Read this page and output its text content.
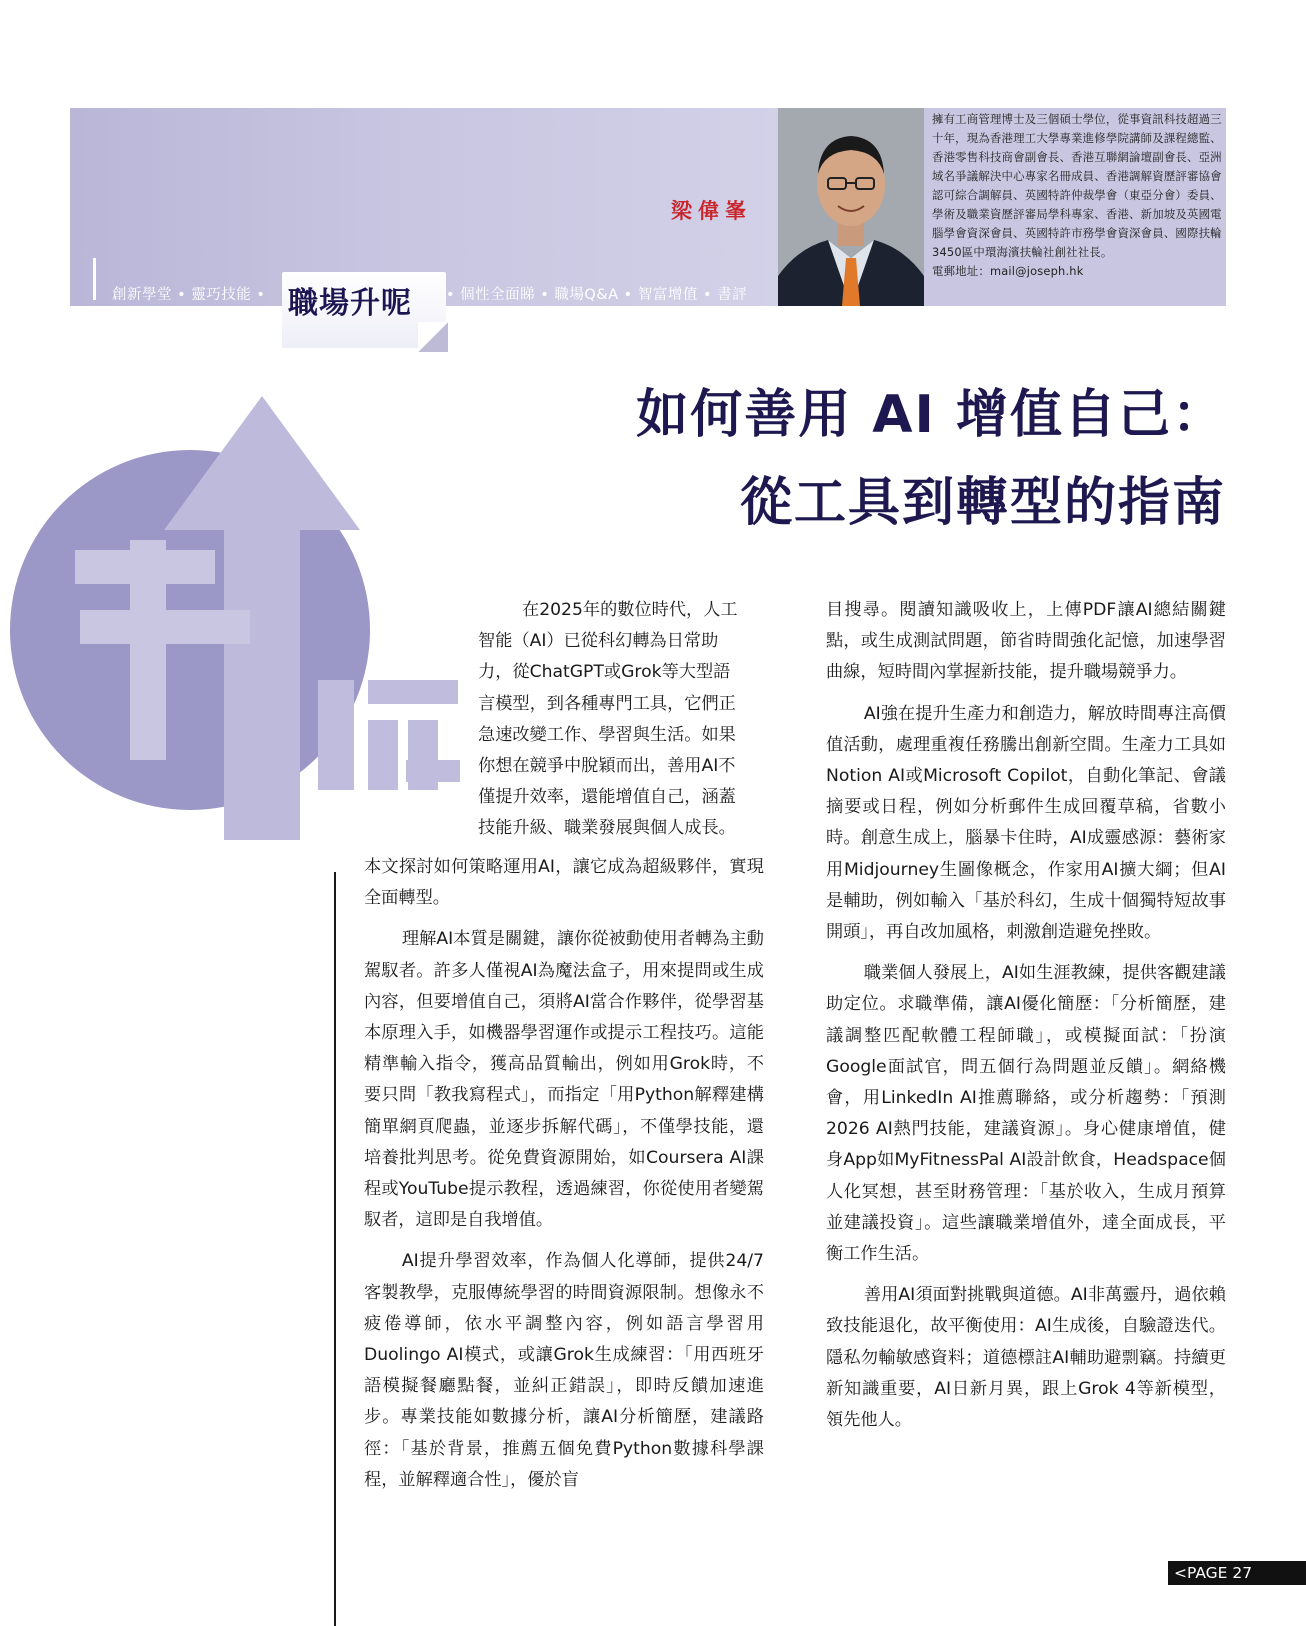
梁偉峯
創新學堂 • 靈巧技能 • 職場升呢 • 個性全面睇 • 職場Q&A • 智富增值 • 書評
擁有工商管理博士及三個碩士學位，從事資訊科技超過三十年，現為香港理工大學專業進修學院講師及課程總監、香港零售科技商會副會長、香港互聯網論壇副會長、亞洲域名爭議解決中心專家名冊成員、香港調解資歷評審協會認可綜合調解員、英國特許仲裁學會（東亞分會）委員、學術及職業資歷評審局學科專家、香港、新加坡及英國電腦學會資深會員、英國特許市務學會資深會員、國際扶輪3450區中環海濱扶輪社創社社長。
電郵地址：mail@joseph.hk
如何善用 AI 增值自己：
從工具到轉型的指南
在2025年的數位時代，人工
智能（AI）已從科幻轉為日常助
力，從ChatGPT或Grok等大型語
言模型，到各種專門工具，它們正
急速改變工作、學習與生活。如果
你想在競爭中脫穎而出，善用AI不
僅提升效率，還能增值自己，涵蓋
技能升級、職業發展與個人成長。

本文探討如何策略運用AI，讓它成為超級夥伴，實現全面轉型。

理解AI本質是關鍵，讓你從被動使用者轉為主動駕馭者。許多人僅視AI為魔法盒子，用來提問或生成內容，但要增值自己，須將AI當合作夥伴，從學習基本原理入手，如機器學習運作或提示工程技巧。這能精準輸入指令，獲高品質輸出，例如用Grok時，不要只問「教我寫程式」，而指定「用Python解釋建構簡單網頁爬蟲，並逐步拆解代碼」，不僅學技能，還培養批判思考。從免費資源開始，如Coursera AI課程或YouTube提示教程，透過練習，你從使用者變駕馭者，這即是自我增值。

AI提升學習效率，作為個人化導師，提供24/7客製教學，克服傳統學習的時間資源限制。想像永不疲倦導師，依水平調整內容，例如語言學習用Duolingo AI模式，或讓Grok生成練習：「用西班牙語模擬餐廳點餐，並糾正錯誤」，即時反饋加速進步。專業技能如數據分析，讓AI分析簡歷，建議路徑：「基於背景，推薦五個免費Python數據科學課程，並解釋適合性」，優於盲

目搜尋。閱讀知識吸收上，上傳PDF讓AI總結關鍵點，或生成測試問題，節省時間強化記憶，加速學習曲線，短時間內掌握新技能，提升職場競爭力。

AI強在提升生產力和創造力，解放時間專注高價值活動，處理重複任務騰出創新空間。生產力工具如Notion AI或Microsoft Copilot，自動化筆記、會議摘要或日程，例如分析郵件生成回覆草稿，省數小時。創意生成上，腦暴卡住時，AI成靈感源：藝術家用Midjourney生圖像概念，作家用AI擴大綱；但AI是輔助，例如輸入「基於科幻，生成十個獨特短故事開頭」，再自改加風格，刺激創造避免挫敗。

職業個人發展上，AI如生涯教練，提供客觀建議助定位。求職準備，讓AI優化簡歷：「分析簡歷，建議調整匹配軟體工程師職」，或模擬面試：「扮演Google面試官，問五個行為問題並反饋」。網絡機會，用LinkedIn AI推薦聯絡，或分析趨勢：「預測2026 AI熱門技能，建議資源」。身心健康增值，健身App如MyFitnessPal AI設計飲食，Headspace個人化冥想，甚至財務管理：「基於收入，生成月預算並建議投資」。這些讓職業增值外，達全面成長，平衡工作生活。

善用AI須面對挑戰與道德。AI非萬靈丹，過依賴致技能退化，故平衡使用：AI生成後，自驗證迭代。隱私勿輸敏感資料；道德標註AI輔助避剽竊。持續更新知識重要，AI日新月異，跟上Grok 4等新模型，領先他人。

<PAGE 27
